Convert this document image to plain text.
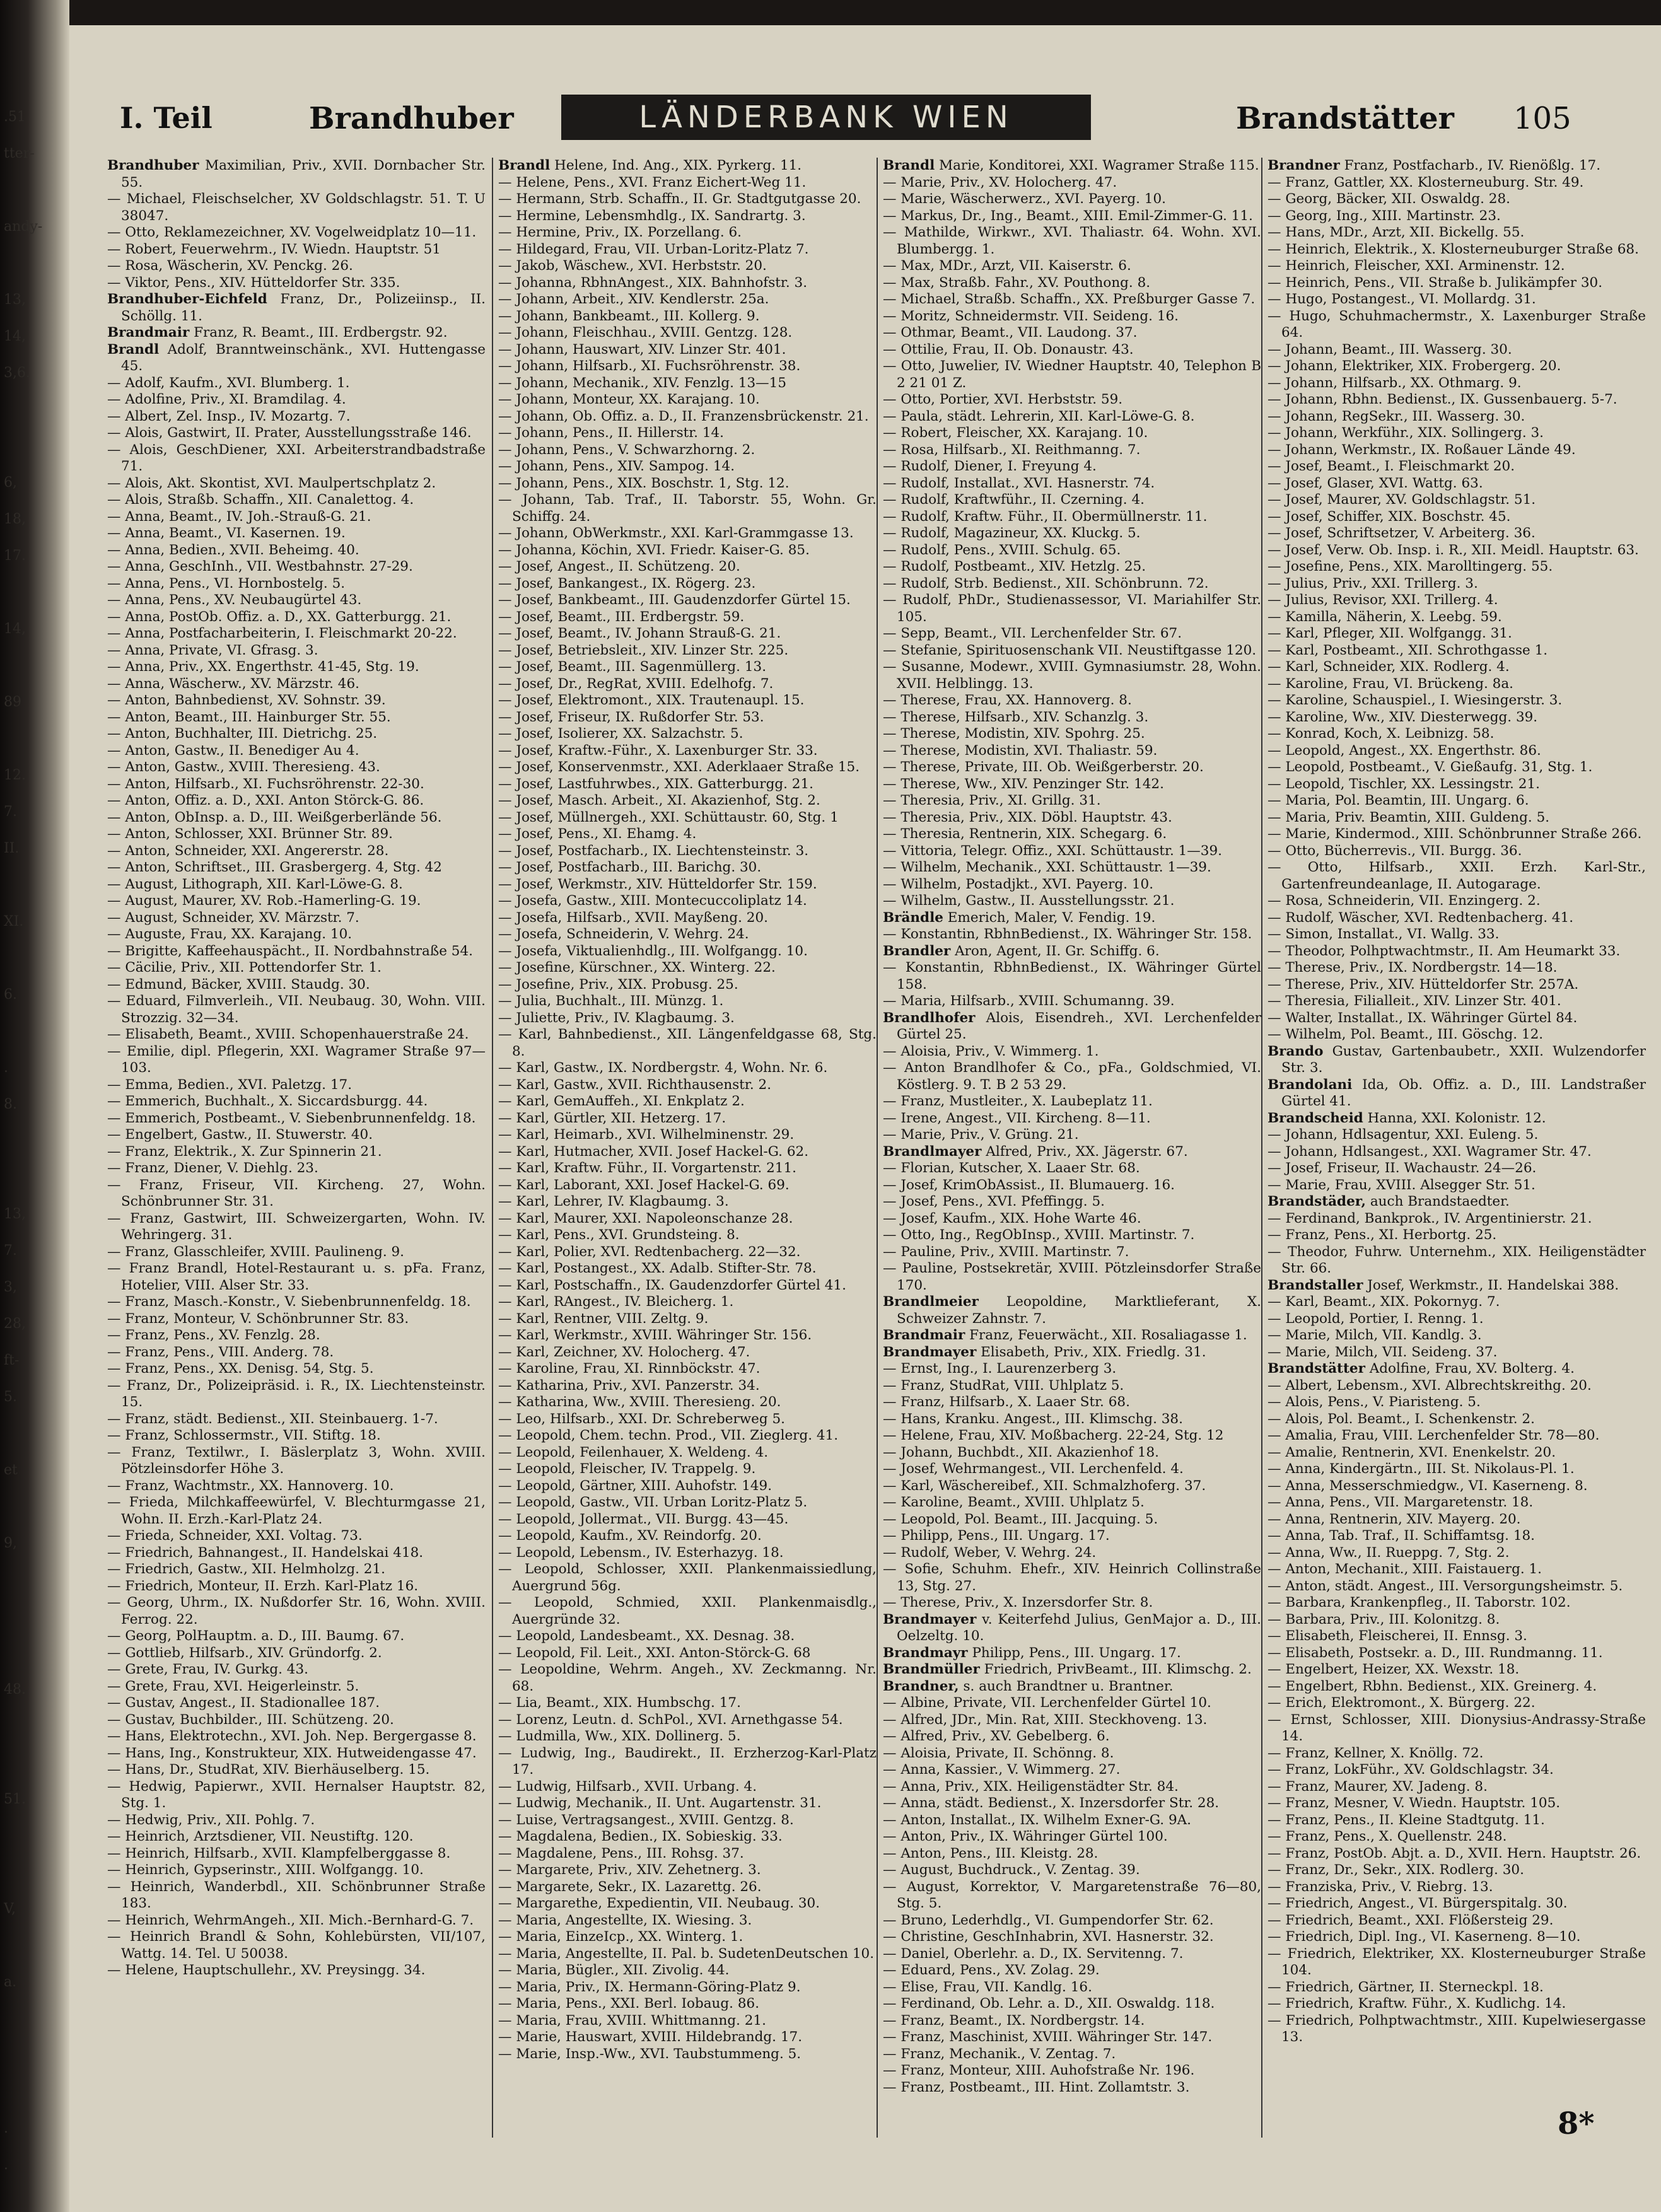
.51
tter-
andy-
13,
14,
3,6.
6,
18,
17.
14,
89
12.
7.
II.
XI.
6.
.
8.
13,
7.
3,
28,
ft-
5.
et
9,
48.
51.
V,
a.
.
.
I. Teil	Brandhuber	LÄNDERBANK WIEN	Brandstätter 105

Brandhuber Maximilian, Priv., XVII. Dornbacher Str. 55.

— Michael, Fleischselcher, XV Goldschlagstr. 51. T. U 38047.

— Otto, Reklamezeichner, XV. Vogelweidplatz 10—11.

— Robert, Feuerwehrm., IV. Wiedn. Hauptstr. 51

— Rosa, Wäscherin, XV. Penckg. 26.

— Viktor, Pens., XIV. Hütteldorfer Str. 335.

Brandhuber-Eichfeld Franz, Dr., Polizeiinsp., II. Schöllg. 11.

Brandmair Franz, R. Beamt., III. Erdbergstr. 92.

Brandl Adolf, Branntweinschänk., XVI. Huttengasse 45.

— Adolf, Kaufm., XVI. Blumberg. 1.

— Adolfine, Priv., XI. Bramdilag. 4.

— Albert, Zel. Insp., IV. Mozartg. 7.

— Alois, Gastwirt, II. Prater, Ausstellungsstraße 146.

— Alois, GeschDiener, XXI. Arbeiterstrandbadstraße 71.

— Alois, Akt. Skontist, XVI. Maulpertschplatz 2.

— Alois, Straßb. Schaffn., XII. Canalettog. 4.

— Anna, Beamt., IV. Joh.-Strauß-G. 21.

— Anna, Beamt., VI. Kasernen. 19.

— Anna, Bedien., XVII. Beheimg. 40.

— Anna, GeschInh., VII. Westbahnstr. 27-29.

— Anna, Pens., VI. Hornbostelg. 5.

— Anna, Pens., XV. Neubaugürtel 43.

— Anna, PostOb. Offiz. a. D., XX. Gatterburgg. 21.

— Anna, Postfacharbeiterin, I. Fleischmarkt 20-22.

— Anna, Private, VI. Gfrasg. 3.

— Anna, Priv., XX. Engerthstr. 41-45, Stg. 19.

— Anna, Wäscherw., XV. Märzstr. 46.

— Anton, Bahnbedienst, XV. Sohnstr. 39.

— Anton, Beamt., III. Hainburger Str. 55.

— Anton, Buchhalter, III. Dietrichg. 25.

— Anton, Gastw., II. Benediger Au 4.

— Anton, Gastw., XVIII. Theresieng. 43.

— Anton, Hilfsarb., XI. Fuchsröhrenstr. 22-30.

— Anton, Offiz. a. D., XXI. Anton Störck-G. 86.

— Anton, ObInsp. a. D., III. Weißgerberlände 56.

— Anton, Schlosser, XXI. Brünner Str. 89.

— Anton, Schneider, XXI. Angererstr. 28.

— Anton, Schriftset., III. Grasbergerg. 4, Stg. 42

— August, Lithograph, XII. Karl-Löwe-G. 8.

— August, Maurer, XV. Rob.-Hamerling-G. 19.

— August, Schneider, XV. Märzstr. 7.

— Auguste, Frau, XX. Karajang. 10.

— Brigitte, Kaffeehauspächt., II. Nordbahnstraße 54.

— Cäcilie, Priv., XII. Pottendorfer Str. 1.

— Edmund, Bäcker, XVIII. Staudg. 30.

— Eduard, Filmverleih., VII. Neubaug. 30, Wohn. VIII. Strozzig. 32—34.

— Elisabeth, Beamt., XVIII. Schopenhauerstraße 24.

— Emilie, dipl. Pflegerin, XXI. Wagramer Straße 97—103.

— Emma, Bedien., XVI. Paletzg. 17.

— Emmerich, Buchhalt., X. Siccardsburgg. 44.

— Emmerich, Postbeamt., V. Siebenbrunnenfeldg. 18.

— Engelbert, Gastw., II. Stuwerstr. 40.

— Franz, Elektrik., X. Zur Spinnerin 21.

— Franz, Diener, V. Diehlg. 23.

— Franz, Friseur, VII. Kircheng. 27, Wohn. Schönbrunner Str. 31.

— Franz, Gastwirt, III. Schweizergarten, Wohn. IV. Wehringerg. 31.

— Franz, Glasschleifer, XVIII. Paulineng. 9.

— Franz Brandl, Hotel-Restaurant u. s. pFa. Franz, Hotelier, VIII. Alser Str. 33.

— Franz, Masch.-Konstr., V. Siebenbrunnenfeldg. 18.

— Franz, Monteur, V. Schönbrunner Str. 83.

— Franz, Pens., XV. Fenzlg. 28.

— Franz, Pens., VIII. Anderg. 78.

— Franz, Pens., XX. Denisg. 54, Stg. 5.

— Franz, Dr., Polizeipräsid. i. R., IX. Liechtensteinstr. 15.

— Franz, städt. Bedienst., XII. Steinbauerg. 1-7.

— Franz, Schlossermstr., VII. Stiftg. 18.

— Franz, Textilwr., I. Bäslerplatz 3, Wohn. XVIII. Pötzleinsdorfer Höhe 3.

— Franz, Wachtmstr., XX. Hannoverg. 10.

— Frieda, Milchkaffeewürfel, V. Blechturmgasse 21, Wohn. II. Erzh.-Karl-Platz 24.

— Frieda, Schneider, XXI. Voltag. 73.

— Friedrich, Bahnangest., II. Handelskai 418.

— Friedrich, Gastw., XII. Helmholzg. 21.

— Friedrich, Monteur, II. Erzh. Karl-Platz 16.

— Georg, Uhrm., IX. Nußdorfer Str. 16, Wohn. XVIII. Ferrog. 22.

— Georg, PolHauptm. a. D., III. Baumg. 67.

— Gottlieb, Hilfsarb., XIV. Gründorfg. 2.

— Grete, Frau, IV. Gurkg. 43.

— Grete, Frau, XVI. Heigerleinstr. 5.

— Gustav, Angest., II. Stadionallee 187.

— Gustav, Buchbilder., III. Schützeng. 20.

— Hans, Elektrotechn., XVI. Joh. Nep. Bergergasse 8.

— Hans, Ing., Konstrukteur, XIX. Hutweidengasse 47.

— Hans, Dr., StudRat, XIV. Bierhäuselberg. 15.

— Hedwig, Papierwr., XVII. Hernalser Hauptstr. 82, Stg. 1.

— Hedwig, Priv., XII. Pohlg. 7.

— Heinrich, Arztsdiener, VII. Neustiftg. 120.

— Heinrich, Hilfsarb., XVII. Klampfelberggasse 8.

— Heinrich, Gypserinstr., XIII. Wolfgangg. 10.

— Heinrich, Wanderbdl., XII. Schönbrunner Straße 183.

— Heinrich, WehrmAngeh., XII. Mich.-Bernhard-G. 7.

— Heinrich Brandl & Sohn, Kohlebürsten, VII/107, Wattg. 14. Tel. U 50038.

— Helene, Hauptschullehr., XV. Preysingg. 34.

Brandl Helene, Ind. Ang., XIX. Pyrkerg. 11.

— Helene, Pens., XVI. Franz Eichert-Weg 11.

— Hermann, Strb. Schaffn., II. Gr. Stadtgutgasse 20.

— Hermine, Lebensmhdlg., IX. Sandrartg. 3.

— Hermine, Priv., IX. Porzellang. 6.

— Hildegard, Frau, VII. Urban-Loritz-Platz 7.

— Jakob, Wäschew., XVI. Herbststr. 20.

— Johanna, RbhnAngest., XIX. Bahnhofstr. 3.

— Johann, Arbeit., XIV. Kendlerstr. 25a.

— Johann, Bankbeamt., III. Kollerg. 9.

— Johann, Fleischhau., XVIII. Gentzg. 128.

— Johann, Hauswart, XIV. Linzer Str. 401.

— Johann, Hilfsarb., XI. Fuchsröhrenstr. 38.

— Johann, Mechanik., XIV. Fenzlg. 13—15

— Johann, Monteur, XX. Karajang. 10.

— Johann, Ob. Offiz. a. D., II. Franzensbrückenstr. 21.

— Johann, Pens., II. Hillerstr. 14.

— Johann, Pens., V. Schwarzhorng. 2.

— Johann, Pens., XIV. Sampog. 14.

— Johann, Pens., XIX. Boschstr. 1, Stg. 12.

— Johann, Tab. Traf., II. Taborstr. 55, Wohn. Gr. Schiffg. 24.

— Johann, ObWerkmstr., XXI. Karl-Grammgasse 13.

— Johanna, Köchin, XVI. Friedr. Kaiser-G. 85.

— Josef, Angest., II. Schützeng. 20.

— Josef, Bankangest., IX. Rögerg. 23.

— Josef, Bankbeamt., III. Gaudenzdorfer Gürtel 15.

— Josef, Beamt., III. Erdbergstr. 59.

— Josef, Beamt., IV. Johann Strauß-G. 21.

— Josef, Betriebsleit., XIV. Linzer Str. 225.

— Josef, Beamt., III. Sagenmüllerg. 13.

— Josef, Dr., RegRat, XVIII. Edelhofg. 7.

— Josef, Elektromont., XIX. Trautenaupl. 15.

— Josef, Friseur, IX. Rußdorfer Str. 53.

— Josef, Isolierer, XX. Salzachstr. 5.

— Josef, Kraftw.-Führ., X. Laxenburger Str. 33.

— Josef, Konservenmstr., XXI. Aderklaaer Straße 15.

— Josef, Lastfuhrwbes., XIX. Gatterburgg. 21.

— Josef, Masch. Arbeit., XI. Akazienhof, Stg. 2.

— Josef, Müllnergeh., XXI. Schüttaustr. 60, Stg. 1

— Josef, Pens., XI. Ehamg. 4.

— Josef, Postfacharb., IX. Liechtensteinstr. 3.

— Josef, Postfacharb., III. Barichg. 30.

— Josef, Werkmstr., XIV. Hütteldorfer Str. 159.

— Josefa, Gastw., XIII. Montecuccoliplatz 14.

— Josefa, Hilfsarb., XVII. Mayßeng. 20.

— Josefa, Schneiderin, V. Wehrg. 24.

— Josefa, Viktualienhdlg., III. Wolfgangg. 10.

— Josefine, Kürschner., XX. Winterg. 22.

— Josefine, Priv., XIX. Probusg. 25.

— Julia, Buchhalt., III. Münzg. 1.

— Juliette, Priv., IV. Klagbaumg. 3.

— Karl, Bahnbedienst., XII. Längenfeldgasse 68, Stg. 8.

— Karl, Gastw., IX. Nordbergstr. 4, Wohn. Nr. 6.

— Karl, Gastw., XVII. Richthausenstr. 2.

— Karl, GemAuffeh., XI. Enkplatz 2.

— Karl, Gürtler, XII. Hetzerg. 17.

— Karl, Heimarb., XVI. Wilhelminenstr. 29.

— Karl, Hutmacher, XVII. Josef Hackel-G. 62.

— Karl, Kraftw. Führ., II. Vorgartenstr. 211.

— Karl, Laborant, XXI. Josef Hackel-G. 69.

— Karl, Lehrer, IV. Klagbaumg. 3.

— Karl, Maurer, XXI. Napoleonschanze 28.

— Karl, Pens., XVI. Grundsteing. 8.

— Karl, Polier, XVI. Redtenbacherg. 22—32.

— Karl, Postangest., XX. Adalb. Stifter-Str. 78.

— Karl, Postschaffn., IX. Gaudenzdorfer Gürtel 41.

— Karl, RAngest., IV. Bleicherg. 1.

— Karl, Rentner, VIII. Zeltg. 9.

— Karl, Werkmstr., XVIII. Währinger Str. 156.

— Karl, Zeichner, XV. Holocherg. 47.

— Karoline, Frau, XI. Rinnböckstr. 47.

— Katharina, Priv., XVI. Panzerstr. 34.

— Katharina, Ww., XVIII. Theresieng. 20.

— Leo, Hilfsarb., XXI. Dr. Schreberweg 5.

— Leopold, Chem. techn. Prod., VII. Zieglerg. 41.

— Leopold, Feilenhauer, X. Weldeng. 4.

— Leopold, Fleischer, IV. Trappelg. 9.

— Leopold, Gärtner, XIII. Auhofstr. 149.

— Leopold, Gastw., VII. Urban Loritz-Platz 5.

— Leopold, Jollermat., VII. Burgg. 43—45.

— Leopold, Kaufm., XV. Reindorfg. 20.

— Leopold, Lebensm., IV. Esterhazyg. 18.

— Leopold, Schlosser, XXII. Plankenmaissiedlung, Auergrund 56g.

— Leopold, Schmied, XXII. Plankenmaisdlg., Auergründe 32.

— Leopold, Landesbeamt., XX. Desnag. 38.

— Leopold, Fil. Leit., XXI. Anton-Störck-G. 68

— Leopoldine, Wehrm. Angeh., XV. Zeckmanng. Nr. 68.

— Lia, Beamt., XIX. Humbschg. 17.

— Lorenz, Leutn. d. SchPol., XVI. Arnethgasse 54.

— Ludmilla, Ww., XIX. Dollinerg. 5.

— Ludwig, Ing., Baudirekt., II. Erzherzog-Karl-Platz 17.

— Ludwig, Hilfsarb., XVII. Urbang. 4.

— Ludwig, Mechanik., II. Unt. Augartenstr. 31.

— Luise, Vertragsangest., XVIII. Gentzg. 8.

— Magdalena, Bedien., IX. Sobieskig. 33.

— Magdalene, Pens., III. Rohsg. 37.

— Margarete, Priv., XIV. Zehetnerg. 3.

— Margarete, Sekr., IX. Lazarettg. 26.

— Margarethe, Expedientin, VII. Neubaug. 30.

— Maria, Angestellte, IX. Wiesing. 3.

— Maria, EinzeIcp., XX. Winterg. 1.

— Maria, Angestellte, II. Pal. b. SudetenDeutschen 10.

— Maria, Bügler., XII. Zivolig. 44.

— Maria, Priv., IX. Hermann-Göring-Platz 9.

— Maria, Pens., XXI. Berl. Iobaug. 86.

— Maria, Frau, XVIII. Whittmanng. 21.

— Marie, Hauswart, XVIII. Hildebrandg. 17.

— Marie, Insp.-Ww., XVI. Taubstummeng. 5.

Brandl Marie, Konditorei, XXI. Wagramer Straße 115.

— Marie, Priv., XV. Holocherg. 47.

— Marie, Wäscherwerz., XVI. Payerg. 10.

— Markus, Dr., Ing., Beamt., XIII. Emil-Zimmer-G. 11.

— Mathilde, Wirkwr., XVI. Thaliastr. 64. Wohn. XVI. Blumbergg. 1.

— Max, MDr., Arzt, VII. Kaiserstr. 6.

— Max, Straßb. Fahr., XV. Pouthong. 8.

— Michael, Straßb. Schaffn., XX. Preßburger Gasse 7.

— Moritz, Schneidermstr. VII. Seideng. 16.

— Othmar, Beamt., VII. Laudong. 37.

— Ottilie, Frau, II. Ob. Donaustr. 43.

— Otto, Juwelier, IV. Wiedner Hauptstr. 40, Telephon B 2 21 01 Z.

— Otto, Portier, XVI. Herbststr. 59.

— Paula, städt. Lehrerin, XII. Karl-Löwe-G. 8.

— Robert, Fleischer, XX. Karajang. 10.

— Rosa, Hilfsarb., XI. Reithmanng. 7.

— Rudolf, Diener, I. Freyung 4.

— Rudolf, Installat., XVI. Hasnerstr. 74.

— Rudolf, Kraftwführ., II. Czerning. 4.

— Rudolf, Kraftw. Führ., II. Obermüllnerstr. 11.

— Rudolf, Magazineur, XX. Kluckg. 5.

— Rudolf, Pens., XVIII. Schulg. 65.

— Rudolf, Postbeamt., XIV. Hetzlg. 25.

— Rudolf, Strb. Bedienst., XII. Schönbrunn. 72.

— Rudolf, PhDr., Studienassessor, VI. Mariahilfer Str. 105.

— Sepp, Beamt., VII. Lerchenfelder Str. 67.

— Stefanie, Spirituosenschank VII. Neustiftgasse 120.

— Susanne, Modewr., XVIII. Gymnasiumstr. 28, Wohn. XVII. Helblingg. 13.

— Therese, Frau, XX. Hannoverg. 8.

— Therese, Hilfsarb., XIV. Schanzlg. 3.

— Therese, Modistin, XIV. Spohrg. 25.

— Therese, Modistin, XVI. Thaliastr. 59.

— Therese, Private, III. Ob. Weißgerberstr. 20.

— Therese, Ww., XIV. Penzinger Str. 142.

— Theresia, Priv., XI. Grillg. 31.

— Theresia, Priv., XIX. Döbl. Hauptstr. 43.

— Theresia, Rentnerin, XIX. Schegarg. 6.

— Vittoria, Telegr. Offiz., XXI. Schüttaustr. 1—39.

— Wilhelm, Mechanik., XXI. Schüttaustr. 1—39.

— Wilhelm, Postadjkt., XVI. Payerg. 10.

— Wilhelm, Gastw., II. Ausstellungsstr. 21.

Brändle Emerich, Maler, V. Fendig. 19.

— Konstantin, RbhnBedienst., IX. Währinger Str. 158.

Brandler Aron, Agent, II. Gr. Schiffg. 6.

— Konstantin, RbhnBedienst., IX. Währinger Gürtel 158.

— Maria, Hilfsarb., XVIII. Schumanng. 39.

Brandlhofer Alois, Eisendreh., XVI. Lerchenfelder Gürtel 25.

— Aloisia, Priv., V. Wimmerg. 1.

— Anton Brandlhofer & Co., pFa., Goldschmied, VI. Köstlerg. 9. T. B 2 53 29.

— Franz, Mustleiter., X. Laubeplatz 11.

— Irene, Angest., VII. Kircheng. 8—11.

— Marie, Priv., V. Grüng. 21.

Brandlmayer Alfred, Priv., XX. Jägerstr. 67.

— Florian, Kutscher, X. Laaer Str. 68.

— Josef, KrimObAssist., II. Blumauerg. 16.

— Josef, Pens., XVI. Pfeffingg. 5.

— Josef, Kaufm., XIX. Hohe Warte 46.

— Otto, Ing., RegObInsp., XVIII. Martinstr. 7.

— Pauline, Priv., XVIII. Martinstr. 7.

— Pauline, Postsekretär, XVIII. Pötzleinsdorfer Straße 170.

Brandlmeier Leopoldine, Marktlieferant, X. Schweizer Zahnstr. 7.

Brandmair Franz, Feuerwächt., XII. Rosaliagasse 1.

Brandmayer Elisabeth, Priv., XIX. Friedlg. 31.

— Ernst, Ing., I. Laurenzerberg 3.

— Franz, StudRat, VIII. Uhlplatz 5.

— Franz, Hilfsarb., X. Laaer Str. 68.

— Hans, Kranku. Angest., III. Klimschg. 38.

— Helene, Frau, XIV. Moßbacherg. 22-24, Stg. 12

— Johann, Buchbdt., XII. Akazienhof 18.

— Josef, Wehrmangest., VII. Lerchenfeld. 4.

— Karl, Wäschereibef., XII. Schmalzhoferg. 37.

— Karoline, Beamt., XVIII. Uhlplatz 5.

— Leopold, Pol. Beamt., III. Jacquing. 5.

— Philipp, Pens., III. Ungarg. 17.

— Rudolf, Weber, V. Wehrg. 24.

— Sofie, Schuhm. Ehefr., XIV. Heinrich Collinstraße 13, Stg. 27.

— Therese, Priv., X. Inzersdorfer Str. 8.

Brandmayer v. Keiterfehd Julius, GenMajor a. D., III. Oelzeltg. 10.

Brandmayr Philipp, Pens., III. Ungarg. 17.

Brandmüller Friedrich, PrivBeamt., III. Klimschg. 2.

Brandner, s. auch Brandtner u. Brantner.

— Albine, Private, VII. Lerchenfelder Gürtel 10.

— Alfred, JDr., Min. Rat, XIII. Steckhoveng. 13.

— Alfred, Priv., XV. Gebelberg. 6.

— Aloisia, Private, II. Schönng. 8.

— Anna, Kassier., V. Wimmerg. 27.

— Anna, Priv., XIX. Heiligenstädter Str. 84.

— Anna, städt. Bedienst., X. Inzersdorfer Str. 28.

— Anton, Installat., IX. Wilhelm Exner-G. 9A.

— Anton, Priv., IX. Währinger Gürtel 100.

— Anton, Pens., III. Kleistg. 28.

— August, Buchdruck., V. Zentag. 39.

— August, Korrektor, V. Margaretenstraße 76—80, Stg. 5.

— Bruno, Lederhdlg., VI. Gumpendorfer Str. 62.

— Christine, GeschInhabrin, XVI. Hasnerstr. 32.

— Daniel, Oberlehr. a. D., IX. Servitenng. 7.

— Eduard, Pens., XV. Zolag. 29.

— Elise, Frau, VII. Kandlg. 16.

— Ferdinand, Ob. Lehr. a. D., XII. Oswaldg. 118.

— Franz, Beamt., IX. Nordbergstr. 14.

— Franz, Maschinist, XVIII. Währinger Str. 147.

— Franz, Mechanik., V. Zentag. 7.

— Franz, Monteur, XIII. Auhofstraße Nr. 196.

— Franz, Postbeamt., III. Hint. Zollamtstr. 3.

Brandner Franz, Postfacharb., IV. Rienößlg. 17.

— Franz, Gattler, XX. Klosterneuburg. Str. 49.

— Georg, Bäcker, XII. Oswaldg. 28.

— Georg, Ing., XIII. Martinstr. 23.

— Hans, MDr., Arzt, XII. Bickellg. 55.

— Heinrich, Elektrik., X. Klosterneuburger Straße 68.

— Heinrich, Fleischer, XXI. Arminenstr. 12.

— Heinrich, Pens., VII. Straße b. Julikämpfer 30.

— Hugo, Postangest., VI. Mollardg. 31.

— Hugo, Schuhmachermstr., X. Laxenburger Straße 64.

— Johann, Beamt., III. Wasserg. 30.

— Johann, Elektriker, XIX. Frobergerg. 20.

— Johann, Hilfsarb., XX. Othmarg. 9.

— Johann, Rbhn. Bedienst., IX. Gussenbauerg. 5-7.

— Johann, RegSekr., III. Wasserg. 30.

— Johann, Werkführ., XIX. Sollingerg. 3.

— Johann, Werkmstr., IX. Roßauer Lände 49.

— Josef, Beamt., I. Fleischmarkt 20.

— Josef, Glaser, XVI. Wattg. 63.

— Josef, Maurer, XV. Goldschlagstr. 51.

— Josef, Schiffer, XIX. Boschstr. 45.

— Josef, Schriftsetzer, V. Arbeiterg. 36.

— Josef, Verw. Ob. Insp. i. R., XII. Meidl. Hauptstr. 63.

— Josefine, Pens., XIX. Marolltingerg. 55.

— Julius, Priv., XXI. Trillerg. 3.

— Julius, Revisor, XXI. Trillerg. 4.

— Kamilla, Näherin, X. Leebg. 59.

— Karl, Pfleger, XII. Wolfgangg. 31.

— Karl, Postbeamt., XII. Schrothgasse 1.

— Karl, Schneider, XIX. Rodlerg. 4.

— Karoline, Frau, VI. Brückeng. 8a.

— Karoline, Schauspiel., I. Wiesingerstr. 3.

— Karoline, Ww., XIV. Diesterwegg. 39.

— Konrad, Koch, X. Leibnizg. 58.

— Leopold, Angest., XX. Engerthstr. 86.

— Leopold, Postbeamt., V. Gießaufg. 31, Stg. 1.

— Leopold, Tischler, XX. Lessingstr. 21.

— Maria, Pol. Beamtin, III. Ungarg. 6.

— Maria, Priv. Beamtin, XIII. Guldeng. 5.

— Marie, Kindermod., XIII. Schönbrunner Straße 266.

— Otto, Bücherrevis., VII. Burgg. 36.

— Otto, Hilfsarb., XXII. Erzh. Karl-Str., Gartenfreundeanlage, II. Autogarage.

— Rosa, Schneiderin, VII. Enzingerg. 2.

— Rudolf, Wäscher, XVI. Redtenbacherg. 41.

— Simon, Installat., VI. Wallg. 33.

— Theodor, Polhptwachtmstr., II. Am Heumarkt 33.

— Therese, Priv., IX. Nordbergstr. 14—18.

— Therese, Priv., XIV. Hütteldorfer Str. 257A.

— Theresia, Filialleit., XIV. Linzer Str. 401.

— Walter, Installat., IX. Währinger Gürtel 84.

— Wilhelm, Pol. Beamt., III. Göschg. 12.

Brando Gustav, Gartenbaubetr., XXII. Wulzendorfer Str. 3.

Brandolani Ida, Ob. Offiz. a. D., III. Landstraßer Gürtel 41.

Brandscheid Hanna, XXI. Kolonistr. 12.

— Johann, Hdlsagentur, XXI. Euleng. 5.

— Johann, Hdlsangest., XXI. Wagramer Str. 47.

— Josef, Friseur, II. Wachaustr. 24—26.

— Marie, Frau, XVIII. Alsegger Str. 51.

Brandstäder, auch Brandstaedter.

— Ferdinand, Bankprok., IV. Argentinierstr. 21.

— Franz, Pens., XI. Herbortg. 25.

— Theodor, Fuhrw. Unternehm., XIX. Heiligenstädter Str. 66.

Brandstaller Josef, Werkmstr., II. Handelskai 388.

— Karl, Beamt., XIX. Pokornyg. 7.

— Leopold, Portier, I. Renng. 1.

— Marie, Milch, VII. Kandlg. 3.

— Marie, Milch, VII. Seideng. 37.

Brandstätter Adolfine, Frau, XV. Bolterg. 4.

— Albert, Lebensm., XVI. Albrechtskreithg. 20.

— Alois, Pens., V. Piaristeng. 5.

— Alois, Pol. Beamt., I. Schenkenstr. 2.

— Amalia, Frau, VIII. Lerchenfelder Str. 78—80.

— Amalie, Rentnerin, XVI. Enenkelstr. 20.

— Anna, Kindergärtn., III. St. Nikolaus-Pl. 1.

— Anna, Messerschmiedgw., VI. Kaserneng. 8.

— Anna, Pens., VII. Margaretenstr. 18.

— Anna, Rentnerin, XIV. Mayerg. 20.

— Anna, Tab. Traf., II. Schiffamtsg. 18.

— Anna, Ww., II. Rueppg. 7, Stg. 2.

— Anton, Mechanit., XIII. Faistauerg. 1.

— Anton, städt. Angest., III. Versorgungsheimstr. 5.

— Barbara, Krankenpfleg., II. Taborstr. 102.

— Barbara, Priv., III. Kolonitzg. 8.

— Elisabeth, Fleischerei, II. Ennsg. 3.

— Elisabeth, Postsekr. a. D., III. Rundmanng. 11.

— Engelbert, Heizer, XX. Wexstr. 18.

— Engelbert, Rbhn. Bedienst., XIX. Greinerg. 4.

— Erich, Elektromont., X. Bürgerg. 22.

— Ernst, Schlosser, XIII. Dionysius-Andrassy-Straße 14.

— Franz, Kellner, X. Knöllg. 72.

— Franz, LokFühr., XV. Goldschlagstr. 34.

— Franz, Maurer, XV. Jadeng. 8.

— Franz, Mesner, V. Wiedn. Hauptstr. 105.

— Franz, Pens., II. Kleine Stadtgutg. 11.

— Franz, Pens., X. Quellenstr. 248.

— Franz, PostOb. Abjt. a. D., XVII. Hern. Hauptstr. 26.

— Franz, Dr., Sekr., XIX. Rodlerg. 30.

— Franziska, Priv., V. Riebrg. 13.

— Friedrich, Angest., VI. Bürgerspitalg. 30.

— Friedrich, Beamt., XXI. Flößersteig 29.

— Friedrich, Dipl. Ing., VI. Kaserneng. 8—10.

— Friedrich, Elektriker, XX. Klosterneuburger Straße 104.

— Friedrich, Gärtner, II. Sterneckpl. 18.

— Friedrich, Kraftw. Führ., X. Kudlichg. 14.

— Friedrich, Polhptwachtmstr., XIII. Kupelwiesergasse 13.

8*
